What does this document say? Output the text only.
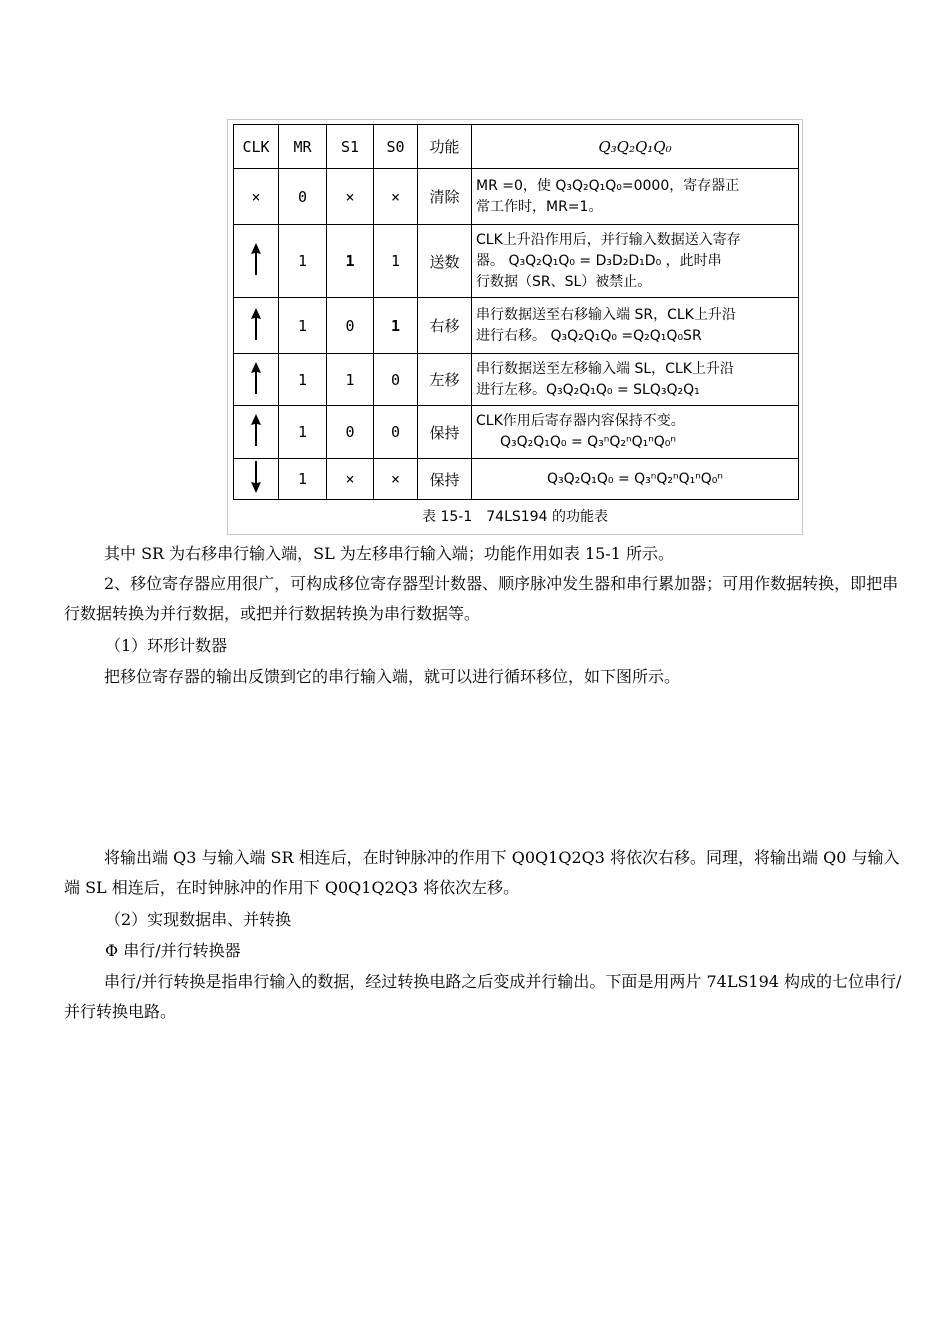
CLK	MR	S1	S0	功能	Q₃Q₂Q₁Q₀
×	0	×	×	清除	MR =0，使 Q₃Q₂Q₁Q₀=0000，寄存器正
常工作时，MR=1。

	1	1	1	送数	CLK上升沿作用后，并行输入数据送入寄存
器。 Q₃Q₂Q₁Q₀ = D₃D₂D₁D₀ ，此时串
行数据（SR、SL）被禁止。

	1	0	1	右移	串行数据送至右移输入端 SR，CLK上升沿
进行右移。 Q₃Q₂Q₁Q₀ =Q₂Q₁Q₀SR

	1	1	0	左移	串行数据送至左移输入端 SL，CLK上升沿
进行左移。Q₃Q₂Q₁Q₀ = SLQ₃Q₂Q₁

	1	0	0	保持	CLK作用后寄存器内容保持不变。
Q₃Q₂Q₁Q₀ = Q₃ⁿQ₂ⁿQ₁ⁿQ₀ⁿ

	1	×	×	保持	Q₃Q₂Q₁Q₀ = Q₃ⁿQ₂ⁿQ₁ⁿQ₀ⁿ
表 15-1　74LS194 的功能表
其中 SR 为右移串行输入端，SL 为左移串行输入端；功能作用如表 15-1 所示。
2、移位寄存器应用很广，可构成移位寄存器型计数器、顺序脉冲发生器和串行累加器；可用作数据转换，即把串行数据转换为并行数据，或把并行数据转换为串行数据等。
（1）环形计数器
把移位寄存器的输出反馈到它的串行输入端，就可以进行循环移位，如下图所示。
将输出端 Q3 与输入端 SR 相连后，在时钟脉冲的作用下 Q0Q1Q2Q3 将依次右移。同理，将输出端 Q0 与输入端 SL 相连后，在时钟脉冲的作用下 Q0Q1Q2Q3 将依次左移。
（2）实现数据串、并转换
Φ 串行/并行转换器
串行/并行转换是指串行输入的数据，经过转换电路之后变成并行输出。下面是用两片 74LS194 构成的七位串行/并行转换电路。
